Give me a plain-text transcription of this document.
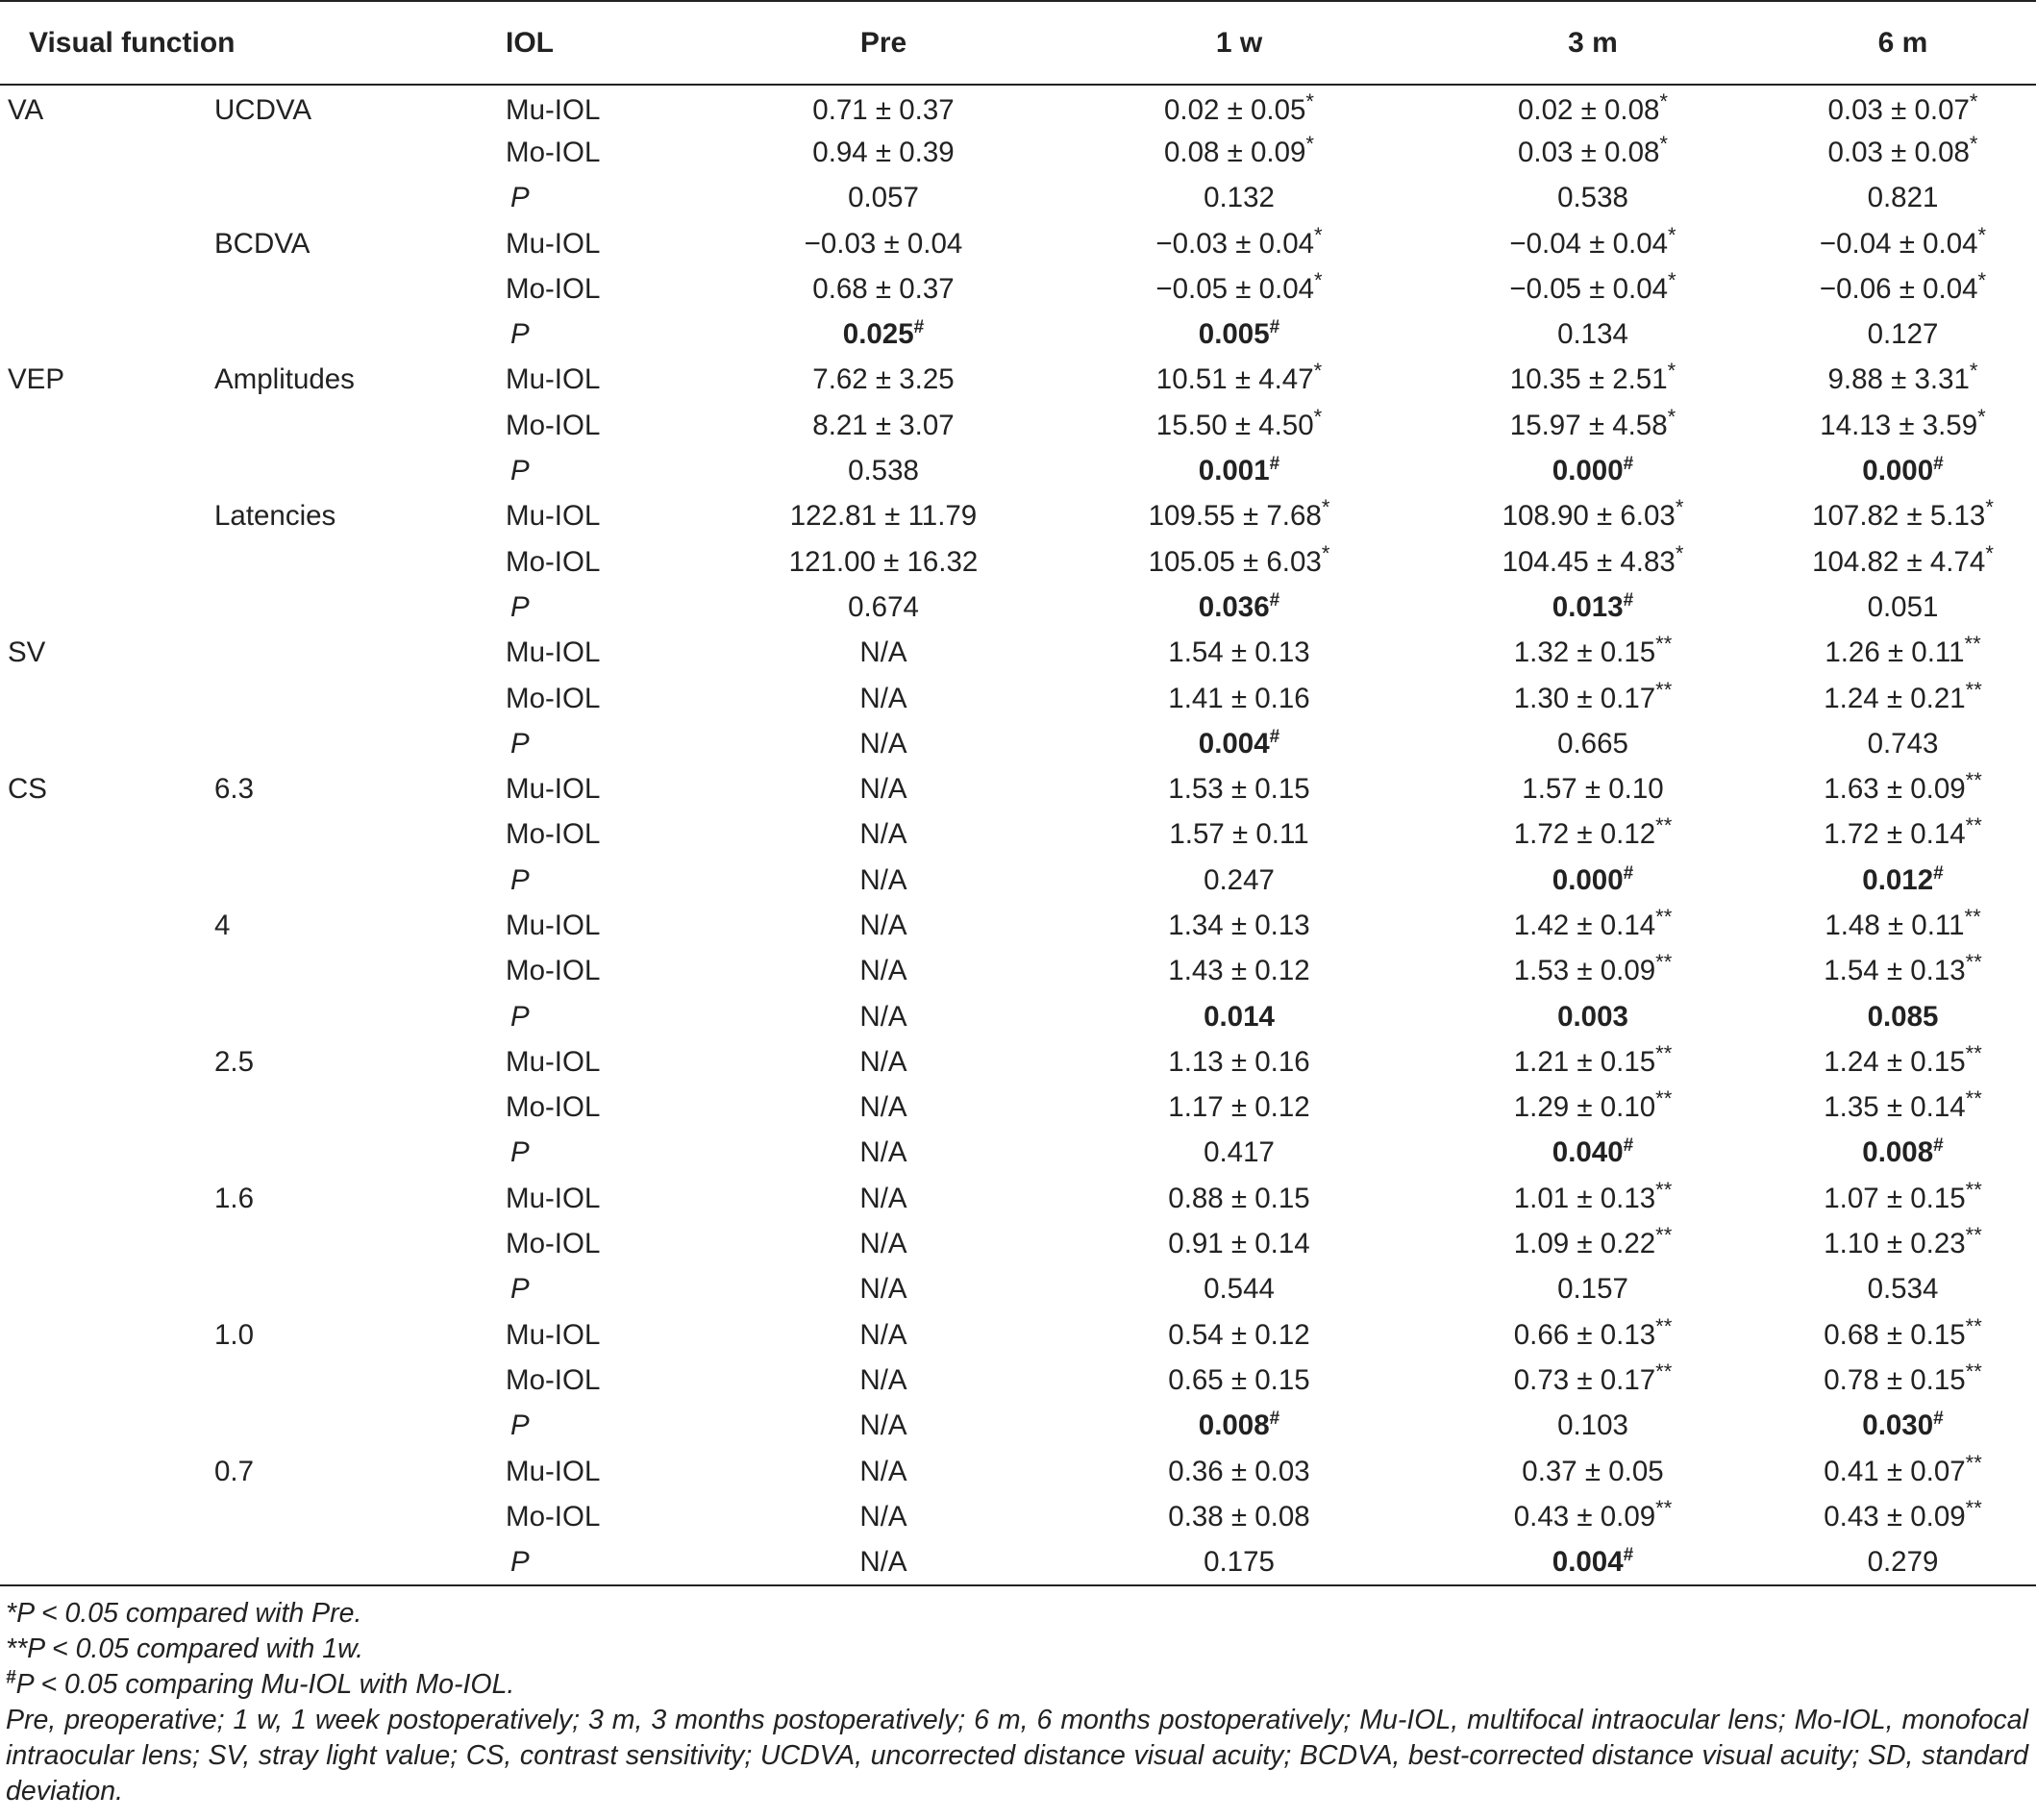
Visual function		IOL	Pre	1 w	3 m	6 m
VA	UCDVA	Mu-IOL	0.71 ± 0.37	0.02 ± 0.05*	0.02 ± 0.08*	0.03 ± 0.07*
		Mo-IOL	0.94 ± 0.39	0.08 ± 0.09*	0.03 ± 0.08*	0.03 ± 0.08*
		P	0.057	0.132	0.538	0.821
	BCDVA	Mu-IOL	−0.03 ± 0.04	−0.03 ± 0.04*	−0.04 ± 0.04*	−0.04 ± 0.04*
		Mo-IOL	0.68 ± 0.37	−0.05 ± 0.04*	−0.05 ± 0.04*	−0.06 ± 0.04*
		P	0.025#	0.005#	0.134	0.127
VEP	Amplitudes	Mu-IOL	7.62 ± 3.25	10.51 ± 4.47*	10.35 ± 2.51*	9.88 ± 3.31*
		Mo-IOL	8.21 ± 3.07	15.50 ± 4.50*	15.97 ± 4.58*	14.13 ± 3.59*
		P	0.538	0.001#	0.000#	0.000#
	Latencies	Mu-IOL	122.81 ± 11.79	109.55 ± 7.68*	108.90 ± 6.03*	107.82 ± 5.13*
		Mo-IOL	121.00 ± 16.32	105.05 ± 6.03*	104.45 ± 4.83*	104.82 ± 4.74*
		P	0.674	0.036#	0.013#	0.051
SV		Mu-IOL	N/A	1.54 ± 0.13	1.32 ± 0.15**	1.26 ± 0.11**
		Mo-IOL	N/A	1.41 ± 0.16	1.30 ± 0.17**	1.24 ± 0.21**
		P	N/A	0.004#	0.665	0.743
CS	6.3	Mu-IOL	N/A	1.53 ± 0.15	1.57 ± 0.10	1.63 ± 0.09**
		Mo-IOL	N/A	1.57 ± 0.11	1.72 ± 0.12**	1.72 ± 0.14**
		P	N/A	0.247	0.000#	0.012#
	4	Mu-IOL	N/A	1.34 ± 0.13	1.42 ± 0.14**	1.48 ± 0.11**
		Mo-IOL	N/A	1.43 ± 0.12	1.53 ± 0.09**	1.54 ± 0.13**
		P	N/A	0.014	0.003	0.085
	2.5	Mu-IOL	N/A	1.13 ± 0.16	1.21 ± 0.15**	1.24 ± 0.15**
		Mo-IOL	N/A	1.17 ± 0.12	1.29 ± 0.10**	1.35 ± 0.14**
		P	N/A	0.417	0.040#	0.008#
	1.6	Mu-IOL	N/A	0.88 ± 0.15	1.01 ± 0.13**	1.07 ± 0.15**
		Mo-IOL	N/A	0.91 ± 0.14	1.09 ± 0.22**	1.10 ± 0.23**
		P	N/A	0.544	0.157	0.534
	1.0	Mu-IOL	N/A	0.54 ± 0.12	0.66 ± 0.13**	0.68 ± 0.15**
		Mo-IOL	N/A	0.65 ± 0.15	0.73 ± 0.17**	0.78 ± 0.15**
		P	N/A	0.008#	0.103	0.030#
	0.7	Mu-IOL	N/A	0.36 ± 0.03	0.37 ± 0.05	0.41 ± 0.07**
		Mo-IOL	N/A	0.38 ± 0.08	0.43 ± 0.09**	0.43 ± 0.09**
		P	N/A	0.175	0.004#	0.279
*P < 0.05 compared with Pre.
**P < 0.05 compared with 1w.
#P < 0.05 comparing Mu-IOL with Mo-IOL.
Pre, preoperative; 1 w, 1 week postoperatively; 3 m, 3 months postoperatively; 6 m, 6 months postoperatively; Mu-IOL, multifocal intraocular lens; Mo-IOL, monofocal intraocular lens; SV, stray light value; CS, contrast sensitivity; UCDVA, uncorrected distance visual acuity; BCDVA, best-corrected distance visual acuity; SD, standard deviation.
